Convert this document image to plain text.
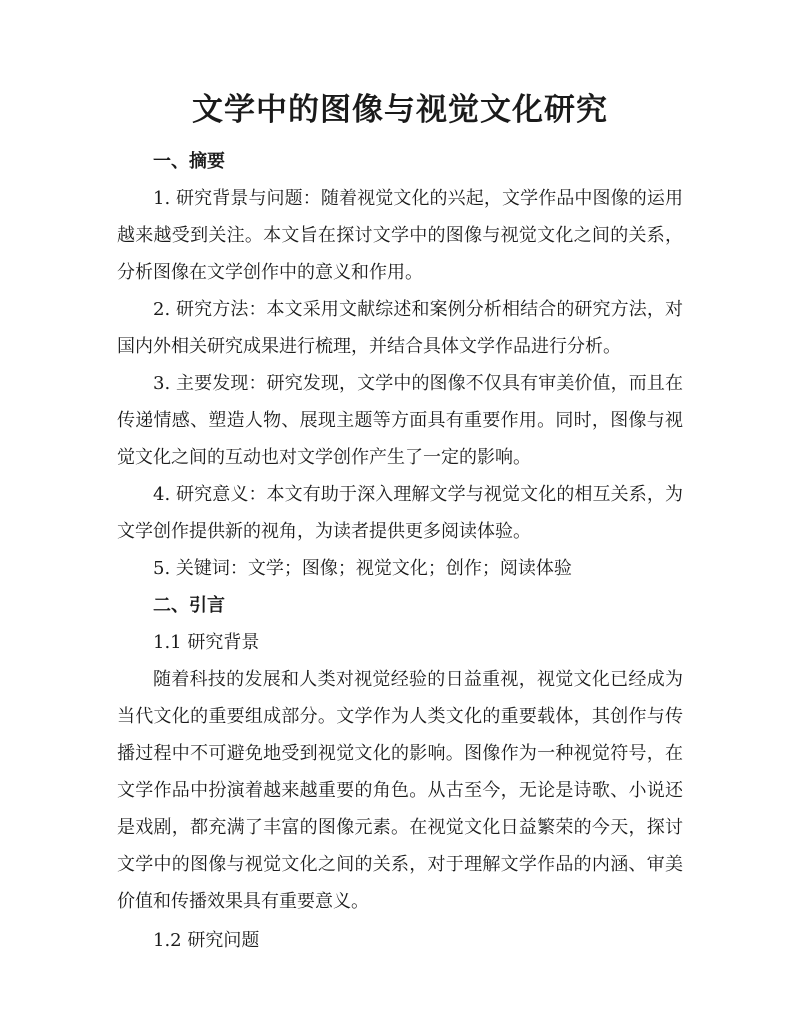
文学中的图像与视觉文化研究
一、摘要

1. 研究背景与问题：随着视觉文化的兴起，文学作品中图像的运用越来越受到关注。本文旨在探讨文学中的图像与视觉文化之间的关系，分析图像在文学创作中的意义和作用。

2. 研究方法：本文采用文献综述和案例分析相结合的研究方法，对国内外相关研究成果进行梳理，并结合具体文学作品进行分析。

3. 主要发现：研究发现，文学中的图像不仅具有审美价值，而且在传递情感、塑造人物、展现主题等方面具有重要作用。同时，图像与视觉文化之间的互动也对文学创作产生了一定的影响。

4. 研究意义：本文有助于深入理解文学与视觉文化的相互关系，为文学创作提供新的视角，为读者提供更多阅读体验。

5. 关键词：文学；图像；视觉文化；创作；阅读体验

二、引言
1.1 研究背景

随着科技的发展和人类对视觉经验的日益重视，视觉文化已经成为当代文化的重要组成部分。文学作为人类文化的重要载体，其创作与传播过程中不可避免地受到视觉文化的影响。图像作为一种视觉符号，在文学作品中扮演着越来越重要的角色。从古至今，无论是诗歌、小说还是戏剧，都充满了丰富的图像元素。在视觉文化日益繁荣的今天，探讨文学中的图像与视觉文化之间的关系，对于理解文学作品的内涵、审美价值和传播效果具有重要意义。

1.2 研究问题
